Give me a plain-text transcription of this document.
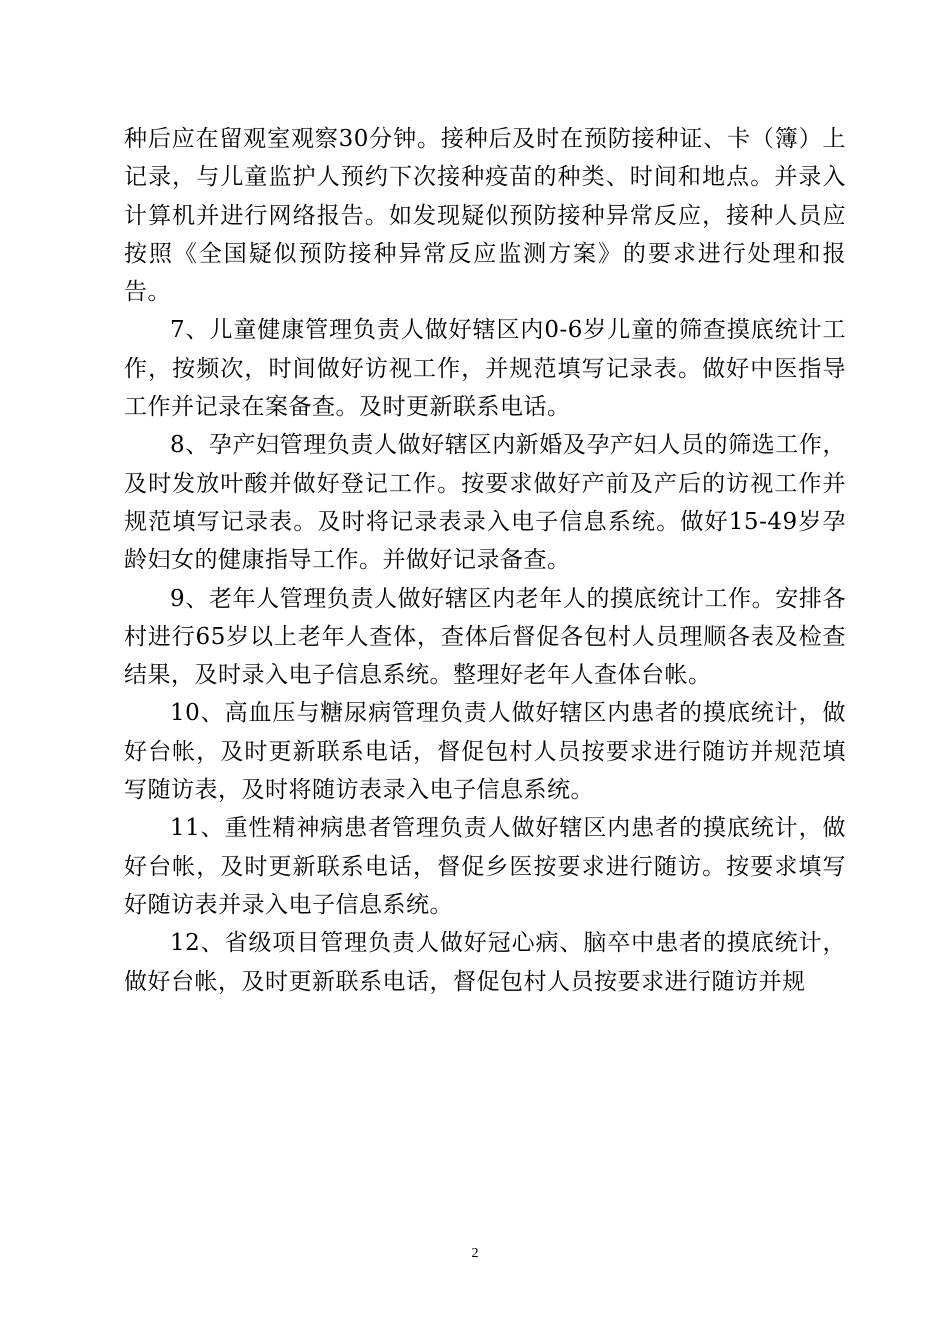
种后应在留观室观察30分钟。接种后及时在预防接种证、卡（簿）上记录，与儿童监护人预约下次接种疫苗的种类、时间和地点。并录入计算机并进行网络报告。如发现疑似预防接种异常反应，接种人员应按照《全国疑似预防接种异常反应监测方案》的要求进行处理和报告。

7、儿童健康管理负责人做好辖区内0-6岁儿童的筛查摸底统计工作，按频次，时间做好访视工作，并规范填写记录表。做好中医指导工作并记录在案备查。及时更新联系电话。

8、孕产妇管理负责人做好辖区内新婚及孕产妇人员的筛选工作，及时发放叶酸并做好登记工作。按要求做好产前及产后的访视工作并规范填写记录表。及时将记录表录入电子信息系统。做好15-49岁孕龄妇女的健康指导工作。并做好记录备查。

9、老年人管理负责人做好辖区内老年人的摸底统计工作。安排各村进行65岁以上老年人查体，查体后督促各包村人员理顺各表及检查结果，及时录入电子信息系统。整理好老年人查体台帐。

10、高血压与糖尿病管理负责人做好辖区内患者的摸底统计，做好台帐，及时更新联系电话，督促包村人员按要求进行随访并规范填写随访表，及时将随访表录入电子信息系统。

11、重性精神病患者管理负责人做好辖区内患者的摸底统计，做好台帐，及时更新联系电话，督促乡医按要求进行随访。按要求填写好随访表并录入电子信息系统。

12、省级项目管理负责人做好冠心病、脑卒中患者的摸底统计，做好台帐，及时更新联系电话，督促包村人员按要求进行随访并规

2
